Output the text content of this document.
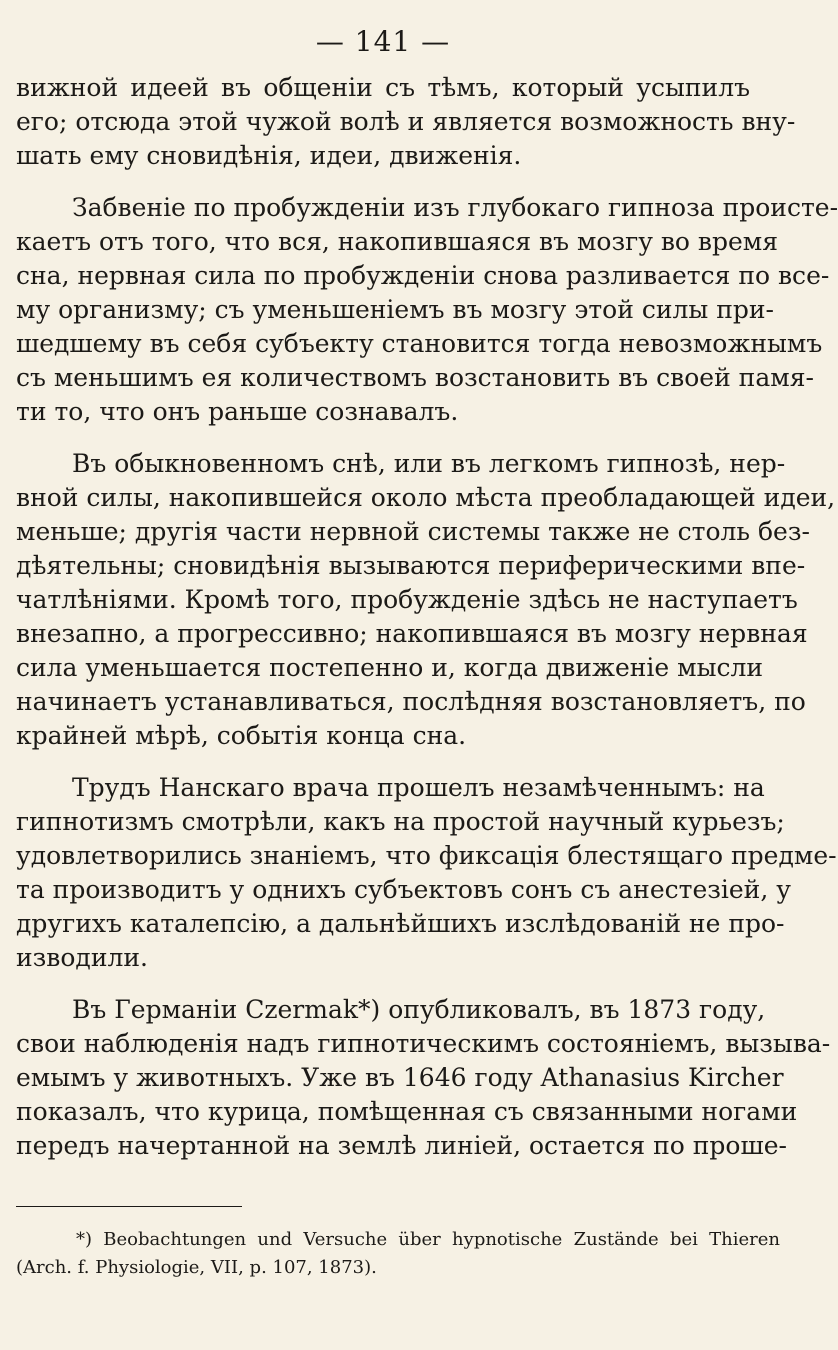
— 141 —
вижной идеей въ общеніи съ тѣмъ, который усыпилъ
его; отсюда этой чужой волѣ и является возможность вну-
шать ему сновидѣнія, идеи, движенія.
Забвеніе по пробужденіи изъ глубокаго гипноза проистe-
каетъ отъ того, что вся, накопившаяся въ мозгу во время
сна, нервная сила по пробужденіи снова разливается по все-
му организму; съ уменьшеніемъ въ мозгу этой силы при-
шедшему въ себя субъекту становится тогда невозможнымъ
съ меньшимъ ея количествомъ возстановить въ своей памя-
ти то, что онъ раньше сознавалъ.
Въ обыкновенномъ снѣ, или въ легкомъ гипнозѣ, нер-
вной силы, накопившейся около мѣста преобладающей идеи,
меньше; другія части нервной системы также не столь без-
дѣятельны; сновидѣнія вызываются периферическими впе-
чатлѣніями. Кромѣ того, пробужденіе здѣсь не наступаетъ
внезапно, а прогрессивно; накопившаяся въ мозгу нервная
сила уменьшается постепенно и, когда движеніе мысли
начинаетъ устанавливаться, послѣдняя возстановляетъ, по
крайней мѣрѣ, событія конца сна.
Трудъ Нанскаго врача прошелъ незамѣченнымъ: на
гипнотизмъ смотрѣли, какъ на простой научный курьезъ;
удовлетворились знаніемъ, что фиксація блестящаго предме-
та производитъ у однихъ субъектовъ сонъ съ анестезіей, у
другихъ каталепсію, а дальнѣйшихъ изслѣдованій не про-
изводили.
Въ Германіи Czermak*) опубликовалъ, въ 1873 году,
свои наблюденія надъ гипнотическимъ состояніемъ, вызыва-
емымъ у животныхъ. Уже въ 1646 году Athanasius Kircher
показалъ, что курица, помѣщенная съ связанными ногами
передъ начертанной на землѣ линіей, остается по проше-
*) Beobachtungen und Versuche über hypnotische Zustände bei Thieren
(Arch. f. Physiologie, VII, p. 107, 1873).
